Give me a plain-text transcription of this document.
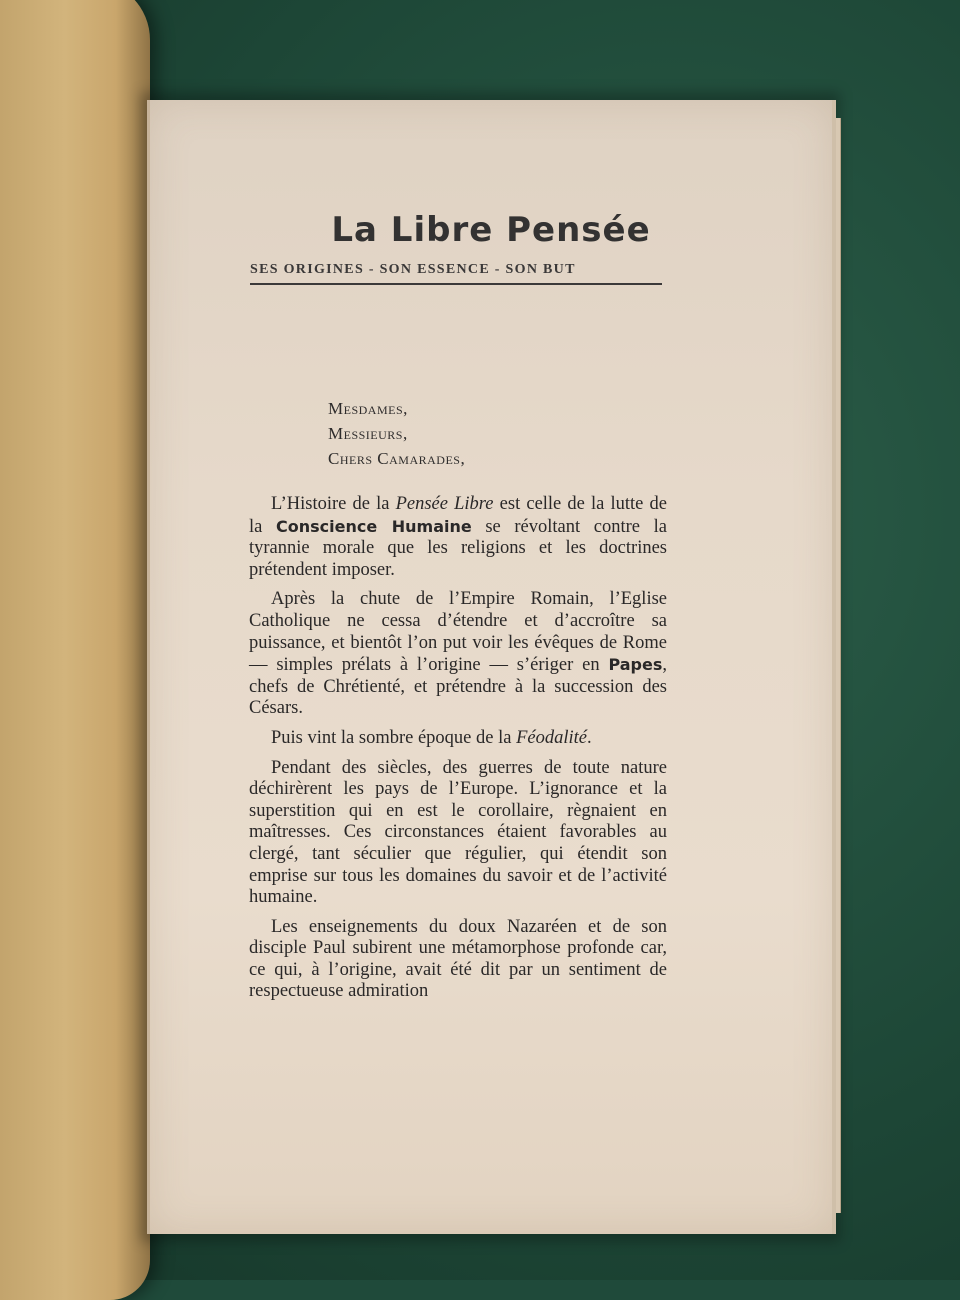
La Libre Pensée
SES ORIGINES - SON ESSENCE - SON BUT
Mesdames,
Messieurs,
Chers Camarades,

L’Histoire de la Pensée Libre est celle de la lutte de la Conscience Humaine se révoltant contre la tyrannie morale que les religions et les doctrines prétendent imposer.

Après la chute de l’Empire Romain, l’Eglise Catholique ne cessa d’étendre et d’accroître sa puissance, et bientôt l’on put voir les évêques de Rome — simples prélats à l’origine — s’ériger en Papes, chefs de Chrétienté, et prétendre à la succession des Césars.

Puis vint la sombre époque de la Féodalité.

Pendant des siècles, des guerres de toute nature déchirèrent les pays de l’Europe. L’ignorance et la superstition qui en est le corollaire, règnaient en maîtresses. Ces circonstances étaient favorables au clergé, tant séculier que régulier, qui étendit son emprise sur tous les domaines du savoir et de l’activité humaine.

Les enseignements du doux Nazaréen et de son disciple Paul subirent une métamorphose profonde car, ce qui, à l’origine, avait été dit par un sentiment de respectueuse admiration
